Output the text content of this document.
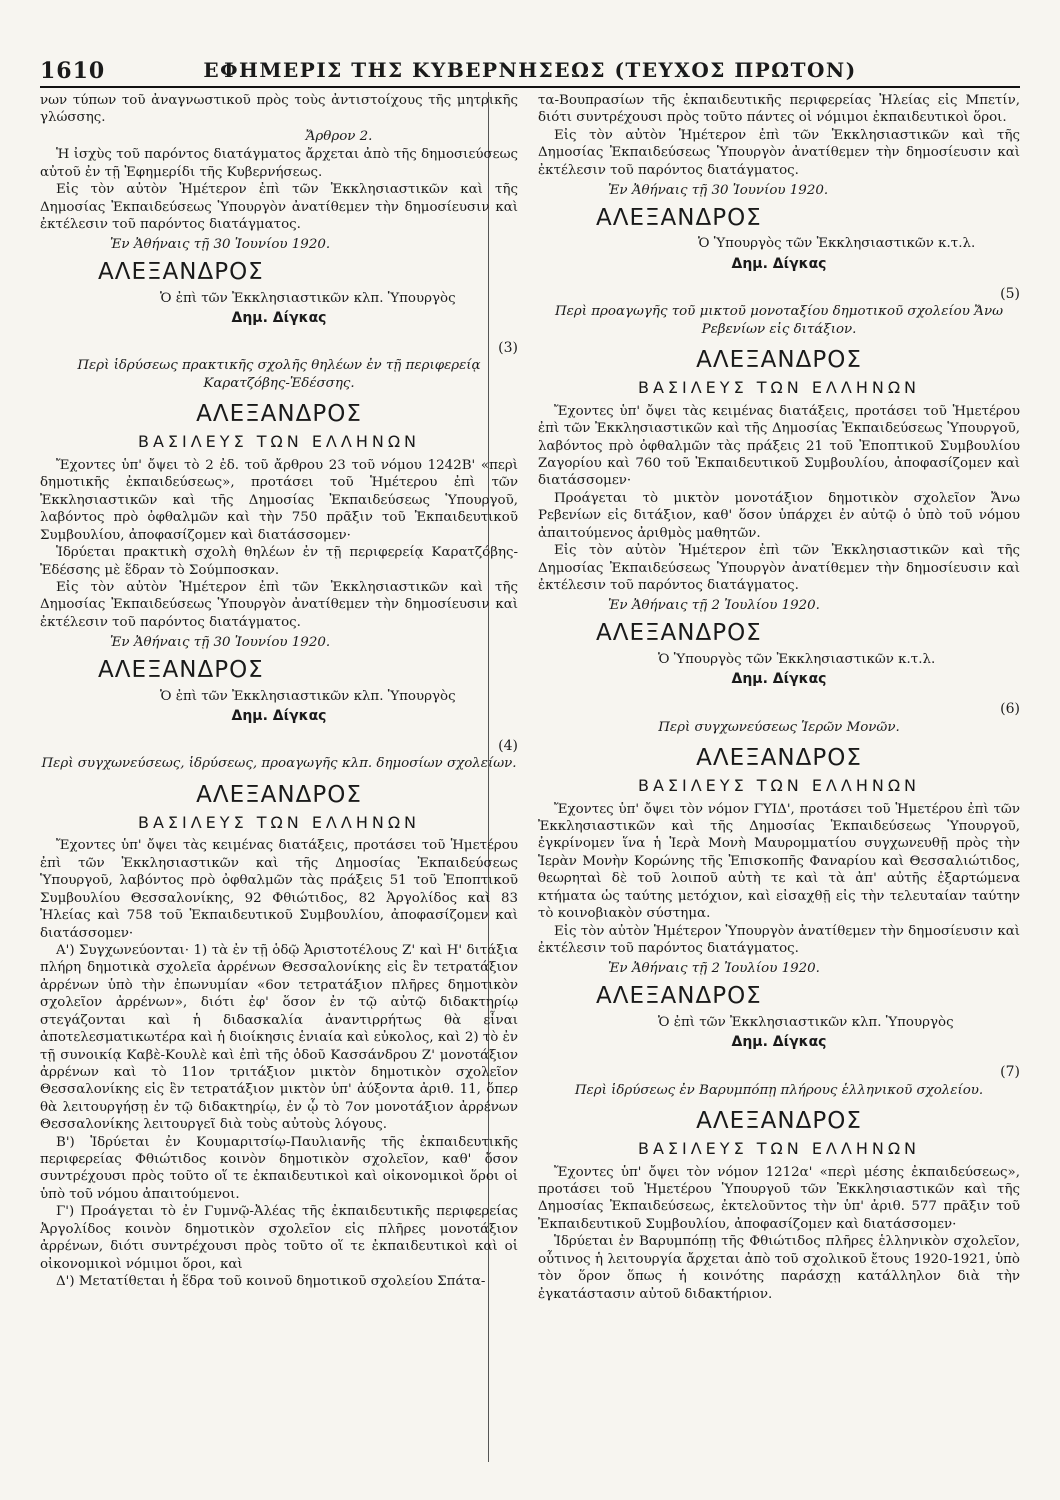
1610	ΕΦΗΜΕΡΙΣ ΤΗΣ ΚΥΒΕΡΝΗΣΕΩΣ (ΤΕΥΧΟΣ ΠΡΩΤΟΝ)

νων τύπων τοῦ ἀναγνωστικοῦ πρὸς τοὺς ἀντιστοίχους τῆς μητρικῆς γλώσσης.

Ἄρθρον 2.

Ἡ ἰσχὺς τοῦ παρόντος διατάγματος ἄρχεται ἀπὸ τῆς δημοσιεύσεως αὐτοῦ ἐν τῇ Ἐφημερίδι τῆς Κυβερνήσεως.

Εἰς τὸν αὐτὸν Ἡμέτερον ἐπὶ τῶν Ἐκκλησιαστικῶν καὶ τῆς Δημοσίας Ἐκπαιδεύσεως Ὑπουργὸν ἀνατίθεμεν τὴν δημοσίευσιν καὶ ἐκτέλεσιν τοῦ παρόντος διατάγματος.

Ἐν Ἀθήναις τῇ 30 Ἰουνίου 1920.

ΑΛΕΞΑΝΔΡΟΣ

Ὁ ἐπὶ τῶν Ἐκκλησιαστικῶν κλπ. Ὑπουργὸς

Δημ. Δίγκας

(3)

Περὶ ἱδρύσεως πρακτικῆς σχολῆς θηλέων ἐν τῇ περιφερείᾳ Καρατζόβης-Ἐδέσσης.

ΑΛΕΞΑΝΔΡΟΣ
ΒΑΣΙΛΕΥΣ ΤΩΝ ΕΛΛΗΝΩΝ

Ἔχοντες ὑπ' ὄψει τὸ 2 ἐδ. τοῦ ἄρθρου 23 τοῦ νόμου 1242Β' «περὶ δημοτικῆς ἐκπαιδεύσεως», προτάσει τοῦ Ἡμέτερου ἐπὶ τῶν Ἐκκλησιαστικῶν καὶ τῆς Δημοσίας Ἐκπαιδεύσεως Ὑπουργοῦ, λαβόντος πρὸ ὀφθαλμῶν καὶ τὴν 750 πρᾶξιν τοῦ Ἐκπαιδευτικοῦ Συμβουλίου, ἀποφασίζομεν καὶ διατάσσομεν·

Ἱδρύεται πρακτικὴ σχολὴ θηλέων ἐν τῇ περιφερείᾳ Καρατζόβης-Ἐδέσσης μὲ ἕδραν τὸ Σούμποσκαν.

Εἰς τὸν αὐτὸν Ἡμέτερον ἐπὶ τῶν Ἐκκλησιαστικῶν καὶ τῆς Δημοσίας Ἐκπαιδεύσεως Ὑπουργὸν ἀνατίθεμεν τὴν δημοσίευσιν καὶ ἐκτέλεσιν τοῦ παρόντος διατάγματος.

Ἐν Ἀθήναις τῇ 30 Ἰουνίου 1920.

ΑΛΕΞΑΝΔΡΟΣ

Ὁ ἐπὶ τῶν Ἐκκλησιαστικῶν κλπ. Ὑπουργὸς

Δημ. Δίγκας

(4)

Περὶ συγχωνεύσεως, ἱδρύσεως, προαγωγῆς κλπ. δημοσίων σχολείων.

ΑΛΕΞΑΝΔΡΟΣ
ΒΑΣΙΛΕΥΣ ΤΩΝ ΕΛΛΗΝΩΝ

Ἔχοντες ὑπ' ὄψει τὰς κειμένας διατάξεις, προτάσει τοῦ Ἡμετέρου ἐπὶ τῶν Ἐκκλησιαστικῶν καὶ τῆς Δημοσίας Ἐκπαιδεύσεως Ὑπουργοῦ, λαβόντος πρὸ ὀφθαλμῶν τὰς πράξεις 51 τοῦ Ἐποπτικοῦ Συμβουλίου Θεσσαλονίκης, 92 Φθιώτιδος, 82 Ἀργολίδος καὶ 83 Ἠλείας καὶ 758 τοῦ Ἐκπαιδευτικοῦ Συμβουλίου, ἀποφασίζομεν καὶ διατάσσομεν·

Α') Συγχωνεύονται· 1) τὰ ἐν τῇ ὁδῷ Ἀριστοτέλους Ζ' καὶ Η' διτάξια πλήρη δημοτικὰ σχολεῖα ἀρρένων Θεσσαλονίκης εἰς ἓν τετρατάξιον ἀρρένων ὑπὸ τὴν ἐπωνυμίαν «6ον τετρατάξιον πλῆρες δημοτικὸν σχολεῖον ἀρρένων», διότι ἐφ' ὅσον ἐν τῷ αὐτῷ διδακτηρίῳ στεγάζονται καὶ ἡ διδασκαλία ἀναντιρρήτως θὰ εἶναι ἀποτελεσματικωτέρα καὶ ἡ διοίκησις ἑνιαία καὶ εὐκολος, καὶ 2) τὸ ἐν τῇ συνοικίᾳ Καβὲ-Κουλὲ καὶ ἐπὶ τῆς ὁδοῦ Κασσάνδρου Ζ' μονοτάξιον ἀρρένων καὶ τὸ 11ον τριτάξιον μικτὸν δημοτικὸν σχολεῖον Θεσσαλονίκης εἰς ἓν τετρατάξιον μικτὸν ὑπ' ἀύξοντα ἀριθ. 11, ὅπερ θὰ λειτουργήσῃ ἐν τῷ διδακτηρίῳ, ἐν ᾧ τὸ 7ον μονοτάξιον ἀρρένων Θεσσαλονίκης λειτουργεῖ διὰ τοὺς αὐτοὺς λόγους.

Β') Ἱδρύεται ἐν Κουμαριτσίῳ-Παυλιανῆς τῆς ἐκπαιδευτικῆς περιφερείας Φθιώτιδος κοινὸν δημοτικὸν σχολεῖον, καθ' ὅσον συντρέχουσι πρὸς τοῦτο οἵ τε ἐκπαιδευτικοὶ καὶ οἰκονομικοὶ ὅροι οἱ ὑπὸ τοῦ νόμου ἀπαιτούμενοι.

Γ') Προάγεται τὸ ἐν Γυμνῷ-Ἀλέας τῆς ἐκπαιδευτικῆς περιφερείας Ἀργολίδος κοινὸν δημοτικὸν σχολεῖον εἰς πλῆρες μονοτάξιον ἀρρένων, διότι συντρέχουσι πρὸς τοῦτο οἵ τε ἐκπαιδευτικοὶ καὶ οἱ οἰκονομικοὶ νόμιμοι ὅροι, καὶ

Δ') Μετατίθεται ἡ ἕδρα τοῦ κοινοῦ δημοτικοῦ σχολείου Σπάτα-

τα-Βουπρασίων τῆς ἐκπαιδευτικῆς περιφερείας Ἠλείας εἰς Μπετίν, διότι συντρέχουσι πρὸς τοῦτο πάντες οἱ νόμιμοι ἐκπαιδευτικοὶ ὅροι.

Εἰς τὸν αὐτὸν Ἡμέτερον ἐπὶ τῶν Ἐκκλησιαστικῶν καὶ τῆς Δημοσίας Ἐκπαιδεύσεως Ὑπουργὸν ἀνατίθεμεν τὴν δημοσίευσιν καὶ ἐκτέλεσιν τοῦ παρόντος διατάγματος.

Ἐν Ἀθήναις τῇ 30 Ἰουνίου 1920.

ΑΛΕΞΑΝΔΡΟΣ

Ὁ Ὑπουργὸς τῶν Ἐκκλησιαστικῶν κ.τ.λ.

Δημ. Δίγκας

(5)

Περὶ προαγωγῆς τοῦ μικτοῦ μονοταξίου δημοτικοῦ σχολείου Ἄνω Ρεβενίων εἰς διτάξιον.

ΑΛΕΞΑΝΔΡΟΣ
ΒΑΣΙΛΕΥΣ ΤΩΝ ΕΛΛΗΝΩΝ

Ἔχοντες ὑπ' ὄψει τὰς κειμένας διατάξεις, προτάσει τοῦ Ἡμετέρου ἐπὶ τῶν Ἐκκλησιαστικῶν καὶ τῆς Δημοσίας Ἐκπαιδεύσεως Ὑπουργοῦ, λαβόντος πρὸ ὀφθαλμῶν τὰς πράξεις 21 τοῦ Ἐποπτικοῦ Συμβουλίου Ζαγορίου καὶ 760 τοῦ Ἐκπαιδευτικοῦ Συμβουλίου, ἀποφασίζομεν καὶ διατάσσομεν·

Προάγεται τὸ μικτὸν μονοτάξιον δημοτικὸν σχολεῖον Ἄνω Ρεβενίων εἰς διτάξιον, καθ' ὅσον ὑπάρχει ἐν αὐτῷ ὁ ὑπὸ τοῦ νόμου ἀπαιτούμενος ἀριθμὸς μαθητῶν.

Εἰς τὸν αὐτὸν Ἡμέτερον ἐπὶ τῶν Ἐκκλησιαστικῶν καὶ τῆς Δημοσίας Ἐκπαιδεύσεως Ὑπουργὸν ἀνατίθεμεν τὴν δημοσίευσιν καὶ ἐκτέλεσιν τοῦ παρόντος διατάγματος.

Ἐν Ἀθήναις τῇ 2 Ἰουλίου 1920.

ΑΛΕΞΑΝΔΡΟΣ

Ὁ Ὑπουργὸς τῶν Ἐκκλησιαστικῶν κ.τ.λ.

Δημ. Δίγκας

(6)

Περὶ συγχωνεύσεως Ἱερῶν Μονῶν.

ΑΛΕΞΑΝΔΡΟΣ
ΒΑΣΙΛΕΥΣ ΤΩΝ ΕΛΛΗΝΩΝ

Ἔχοντες ὑπ' ὄψει τὸν νόμον ΓΥΙΔ', προτάσει τοῦ Ἡμετέρου ἐπὶ τῶν Ἐκκλησιαστικῶν καὶ τῆς Δημοσίας Ἐκπαιδεύσεως Ὑπουργοῦ, ἐγκρίνομεν ἵνα ἡ Ἱερὰ Μονὴ Μαυρομματίου συγχωνευθῇ πρὸς τὴν Ἱερὰν Μονὴν Κορώνης τῆς Ἐπισκοπῆς Φαναρίου καὶ Θεσσαλιώτιδος, θεωρηταὶ δὲ τοῦ λοιποῦ αὐτὴ τε καὶ τὰ ἀπ' αὐτῆς ἐξαρτώμενα κτήματα ὡς ταύτης μετόχιον, καὶ εἰσαχθῇ εἰς τὴν τελευταίαν ταύτην τὸ κοινοβιακὸν σύστημα.

Εἰς τὸν αὐτὸν Ἡμέτερον Ὑπουργὸν ἀνατίθεμεν τὴν δημοσίευσιν καὶ ἐκτέλεσιν τοῦ παρόντος διατάγματος.

Ἐν Ἀθήναις τῇ 2 Ἰουλίου 1920.

ΑΛΕΞΑΝΔΡΟΣ

Ὁ ἐπὶ τῶν Ἐκκλησιαστικῶν κλπ. Ὑπουργὸς

Δημ. Δίγκας

(7)

Περὶ ἱδρύσεως ἐν Βαρυμπόπῃ πλήρους ἑλληνικοῦ σχολείου.

ΑΛΕΞΑΝΔΡΟΣ
ΒΑΣΙΛΕΥΣ ΤΩΝ ΕΛΛΗΝΩΝ

Ἔχοντες ὑπ' ὄψει τὸν νόμον 1212α' «περὶ μέσης ἐκπαιδεύσεως», προτάσει τοῦ Ἡμετέρου Ὑπουργοῦ τῶν Ἐκκλησιαστικῶν καὶ τῆς Δημοσίας Ἐκπαιδεύσεως, ἐκτελοῦντος τὴν ὑπ' ἀριθ. 577 πρᾶξιν τοῦ Ἐκπαιδευτικοῦ Συμβουλίου, ἀποφασίζομεν καὶ διατάσσομεν·

Ἱδρύεται ἐν Βαρυμπόπῃ τῆς Φθιώτιδος πλῆρες ἑλληνικὸν σχολεῖον, οὗτινος ἡ λειτουργία ἄρχεται ἀπὸ τοῦ σχολικοῦ ἔτους 1920-1921, ὑπὸ τὸν ὅρον ὅπως ἡ κοινότης παράσχῃ κατάλληλον διὰ τὴν ἐγκατάστασιν αὐτοῦ διδακτήριον.
